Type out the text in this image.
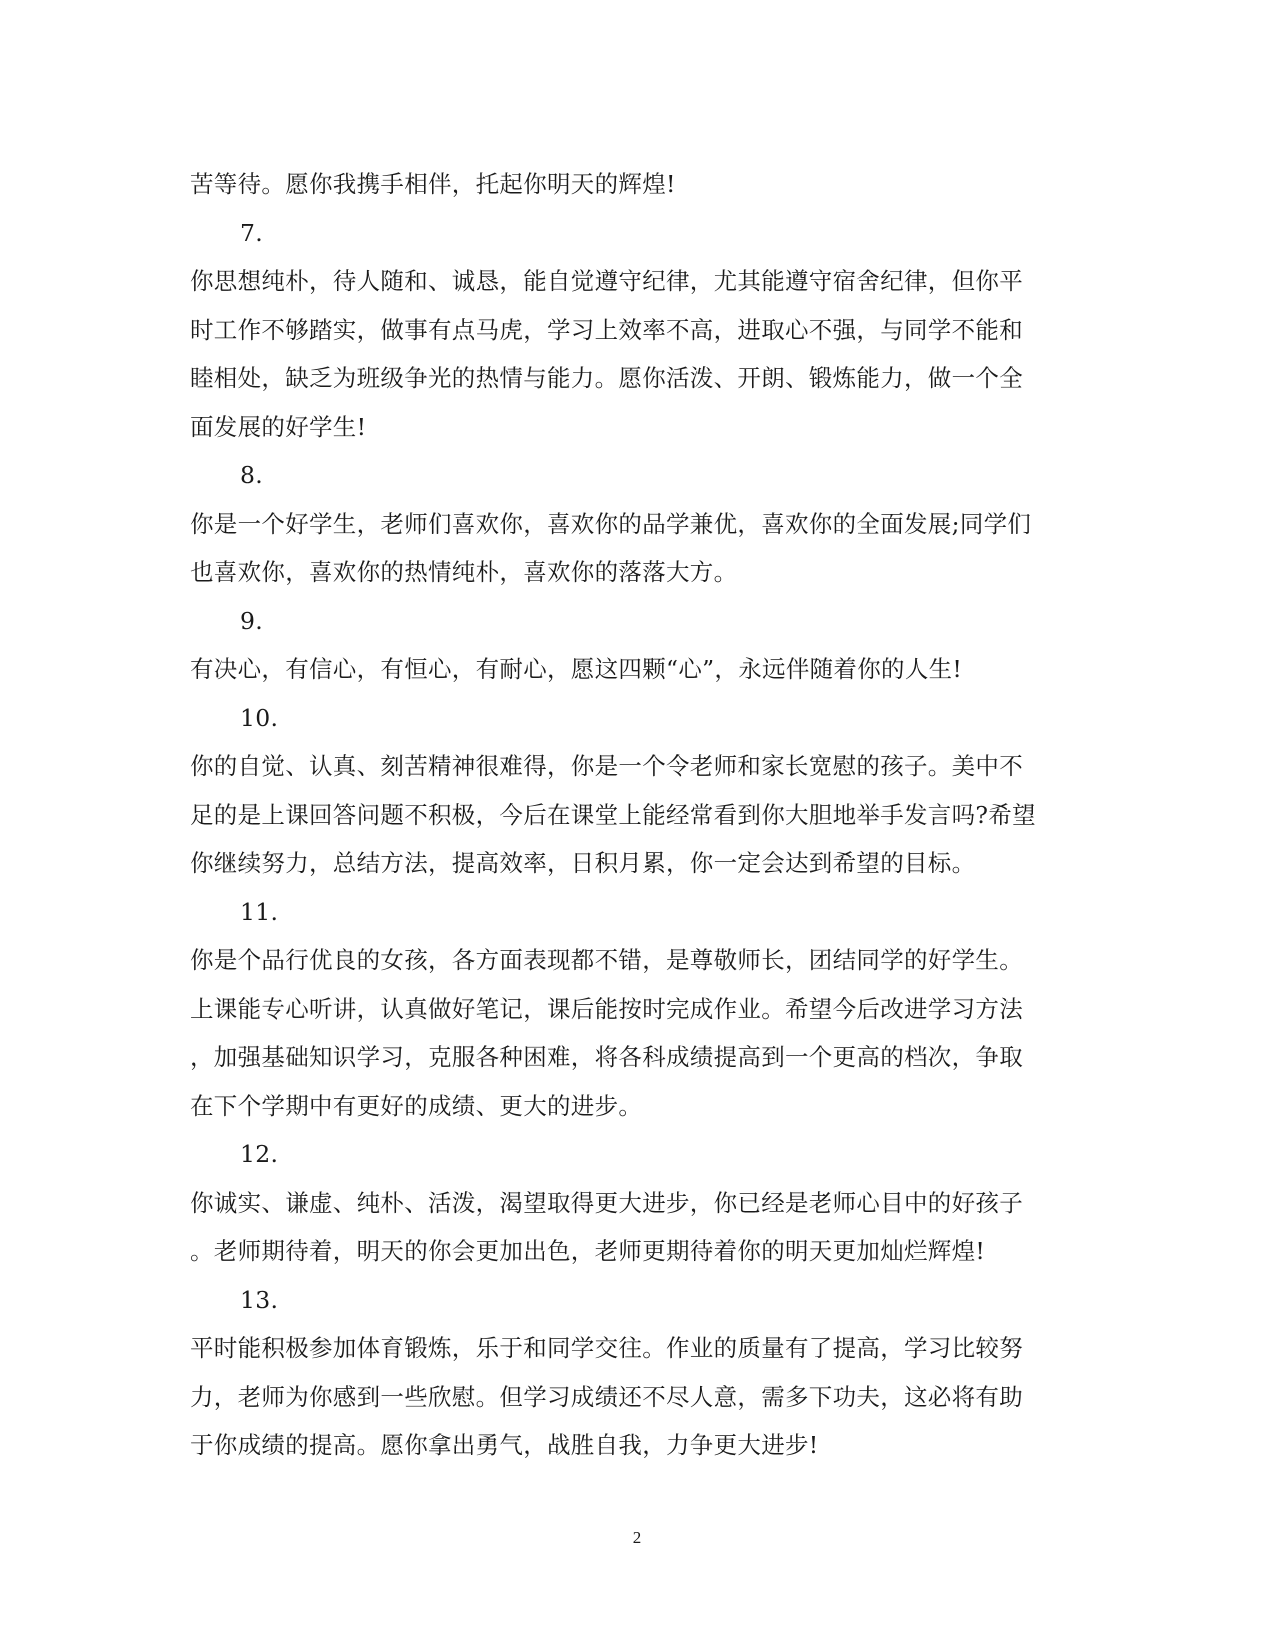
苦等待。愿你我携手相伴，托起你明天的辉煌!
7.
你思想纯朴，待人随和、诚恳，能自觉遵守纪律，尤其能遵守宿舍纪律，但你平
时工作不够踏实，做事有点马虎，学习上效率不高，进取心不强，与同学不能和
睦相处，缺乏为班级争光的热情与能力。愿你活泼、开朗、锻炼能力，做一个全
面发展的好学生!
8.
你是一个好学生，老师们喜欢你，喜欢你的品学兼优，喜欢你的全面发展;同学们
也喜欢你，喜欢你的热情纯朴，喜欢你的落落大方。
9.
有决心，有信心，有恒心，有耐心，愿这四颗“心”，永远伴随着你的人生!
10.
你的自觉、认真、刻苦精神很难得，你是一个令老师和家长宽慰的孩子。美中不
足的是上课回答问题不积极，今后在课堂上能经常看到你大胆地举手发言吗?希望
你继续努力，总结方法，提高效率，日积月累，你一定会达到希望的目标。
11.
你是个品行优良的女孩，各方面表现都不错，是尊敬师长，团结同学的好学生。
上课能专心听讲，认真做好笔记，课后能按时完成作业。希望今后改进学习方法
，加强基础知识学习，克服各种困难，将各科成绩提高到一个更高的档次，争取
在下个学期中有更好的成绩、更大的进步。
12.
你诚实、谦虚、纯朴、活泼，渴望取得更大进步，你已经是老师心目中的好孩子
。老师期待着，明天的你会更加出色，老师更期待着你的明天更加灿烂辉煌!
13.
平时能积极参加体育锻炼，乐于和同学交往。作业的质量有了提高，学习比较努
力，老师为你感到一些欣慰。但学习成绩还不尽人意，需多下功夫，这必将有助
于你成绩的提高。愿你拿出勇气，战胜自我，力争更大进步!
2
